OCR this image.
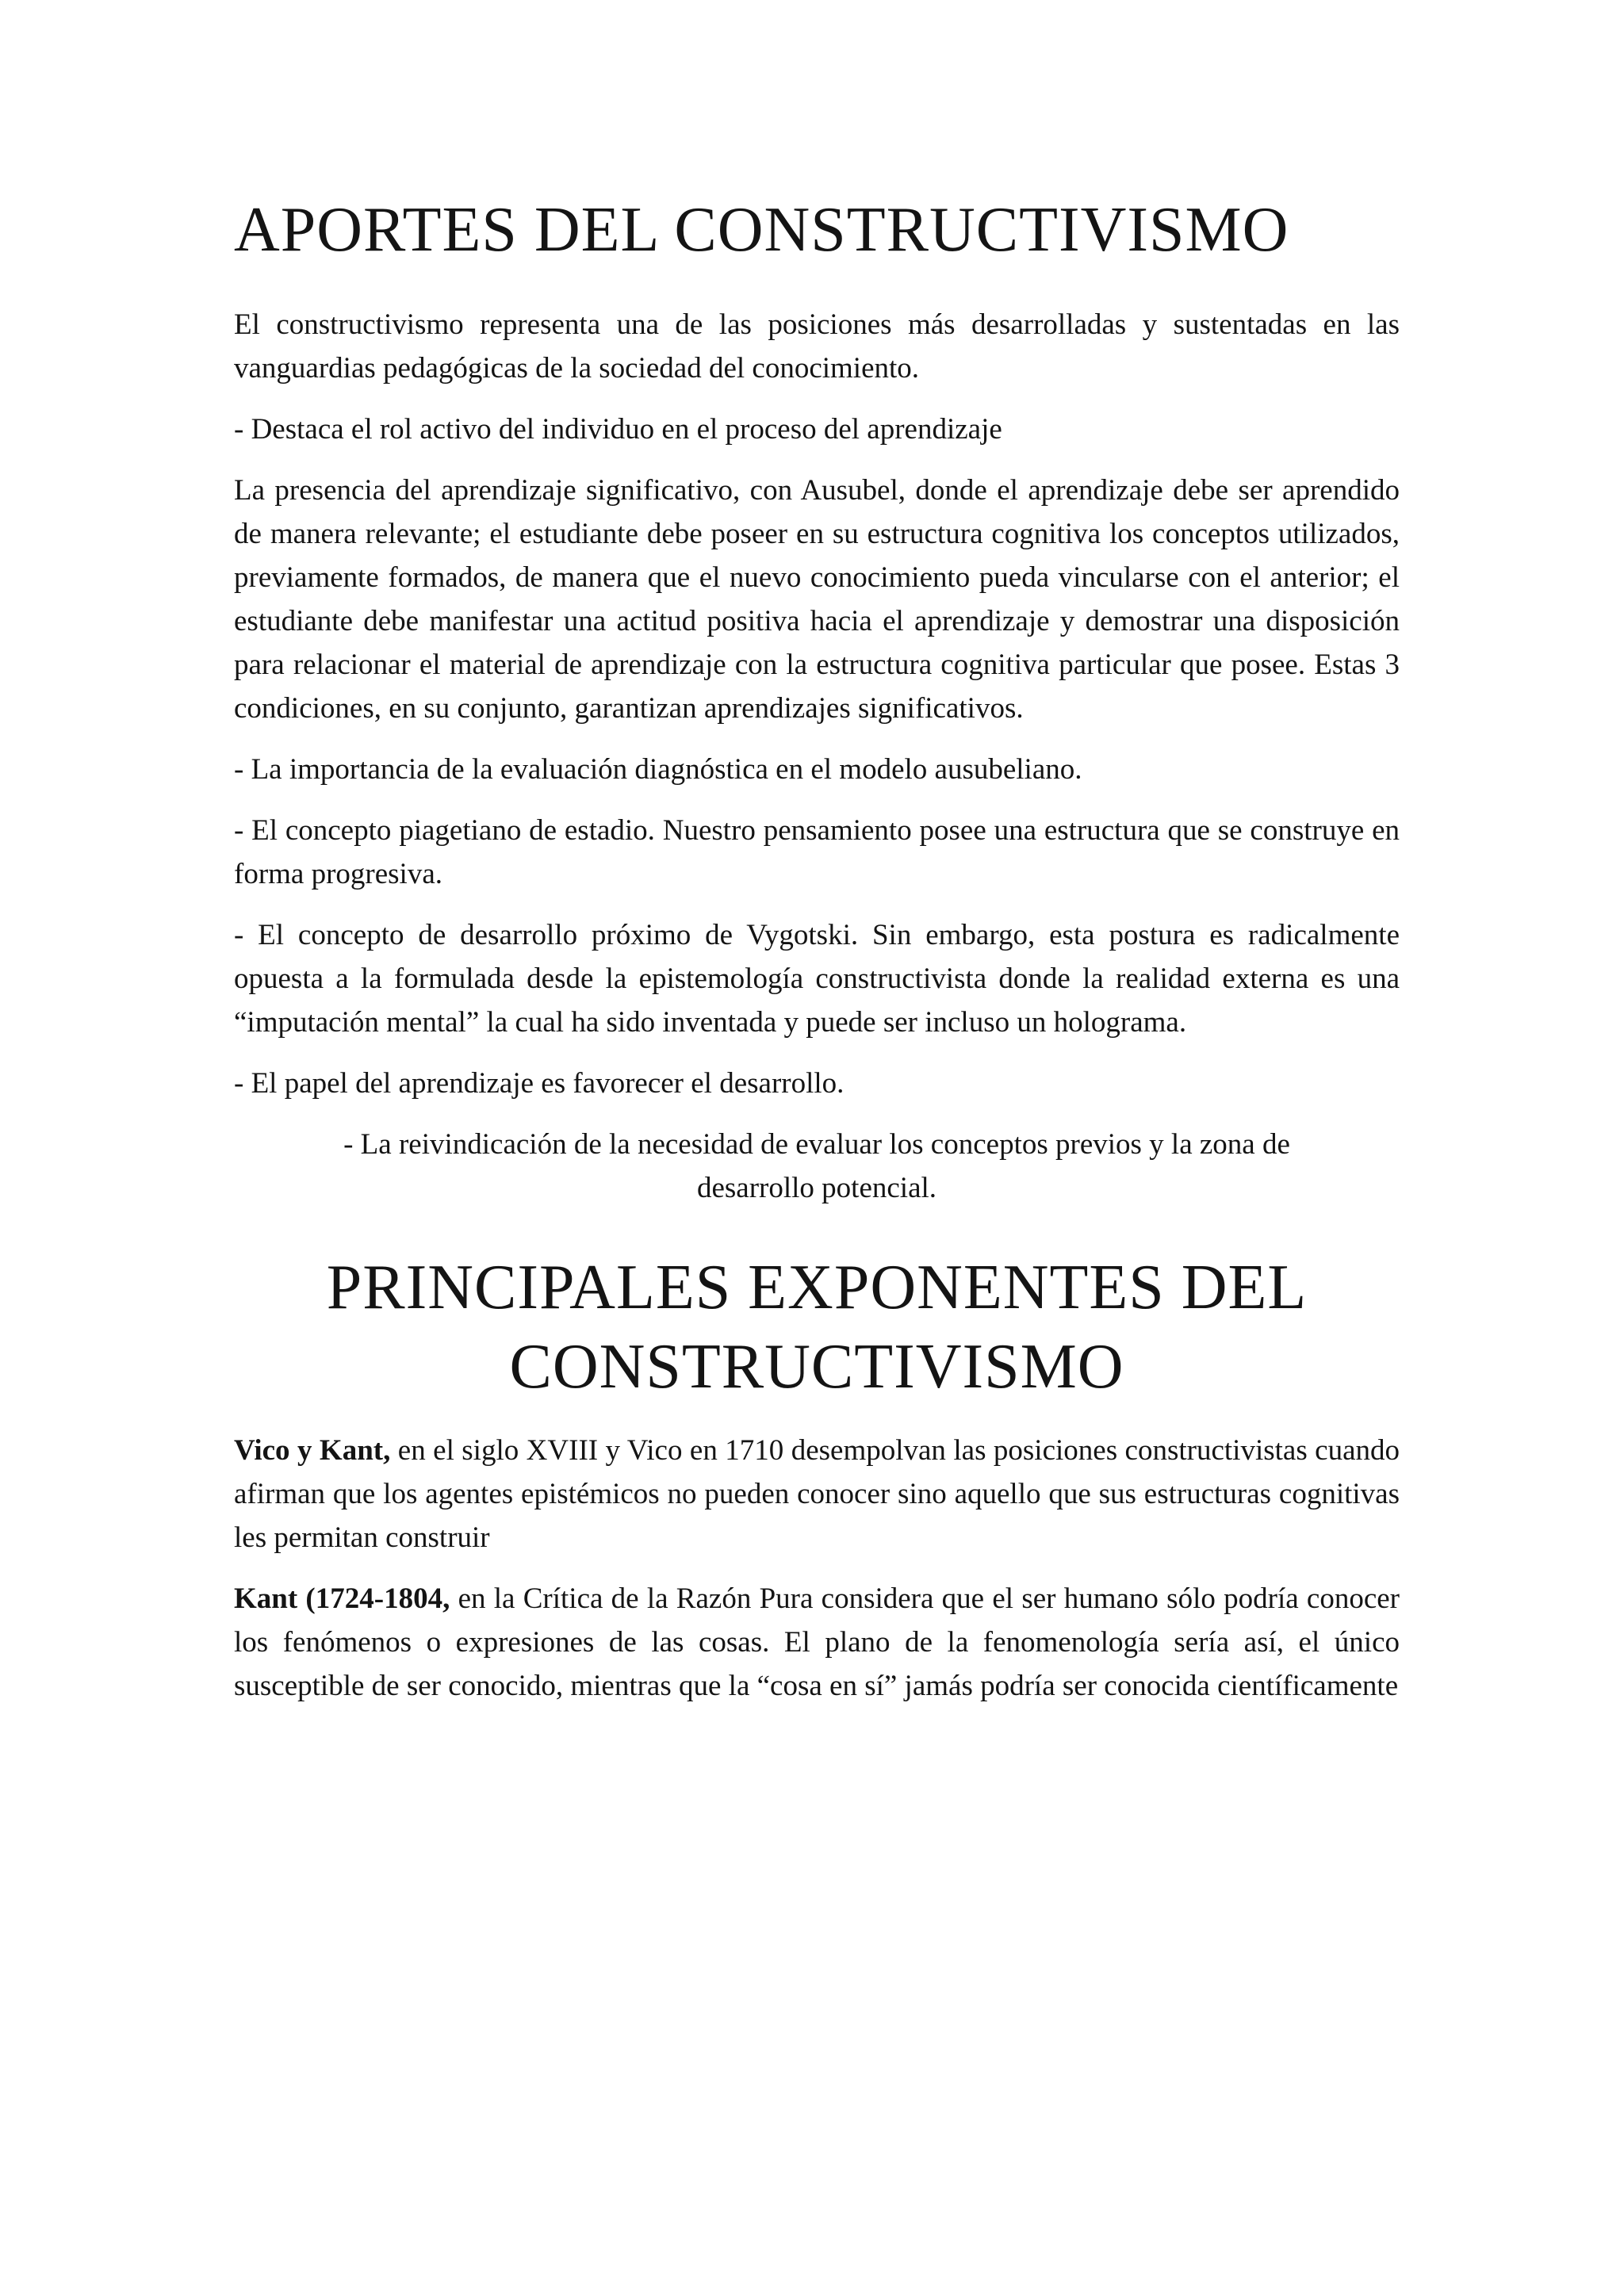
APORTES DEL CONSTRUCTIVISMO

El constructivismo representa una de las posiciones más desarrolladas y sustentadas en las vanguardias pedagógicas de la sociedad del conocimiento.

- Destaca el rol activo del individuo en el proceso del aprendizaje

La presencia del aprendizaje significativo, con Ausubel, donde el aprendizaje debe ser aprendido de manera relevante; el estudiante debe poseer en su estructura cognitiva los conceptos utilizados, previamente formados, de manera que el nuevo conocimiento pueda vincularse con el anterior; el estudiante debe manifestar una actitud positiva hacia el aprendizaje y demostrar una disposición para relacionar el material de aprendizaje con la estructura cognitiva particular que posee. Estas 3 condiciones, en su conjunto, garantizan aprendizajes significativos.

- La importancia de la evaluación diagnóstica en el modelo ausubeliano.

- El concepto piagetiano de estadio. Nuestro pensamiento posee una estructura que se construye en forma progresiva.

- El concepto de desarrollo próximo de Vygotski. Sin embargo, esta postura es radicalmente opuesta a la formulada desde la epistemología constructivista donde la realidad externa es una “imputación mental” la cual ha sido inventada y puede ser incluso un holograma.

- El papel del aprendizaje es favorecer el desarrollo.

- La reivindicación de la necesidad de evaluar los conceptos previos y la zona de desarrollo potencial.

PRINCIPALES EXPONENTES DEL
CONSTRUCTIVISMO

Vico y Kant, en el siglo XVIII y Vico en 1710 desempolvan las posiciones constructivistas cuando afirman que los agentes epistémicos no pueden conocer sino aquello que sus estructuras cognitivas les permitan construir

Kant (1724-1804, en la Crítica de la Razón Pura considera que el ser humano sólo podría conocer los fenómenos o expresiones de las cosas. El plano de la fenomenología sería así, el único susceptible de ser conocido, mientras que la “cosa en sí” jamás podría ser conocida científicamente
